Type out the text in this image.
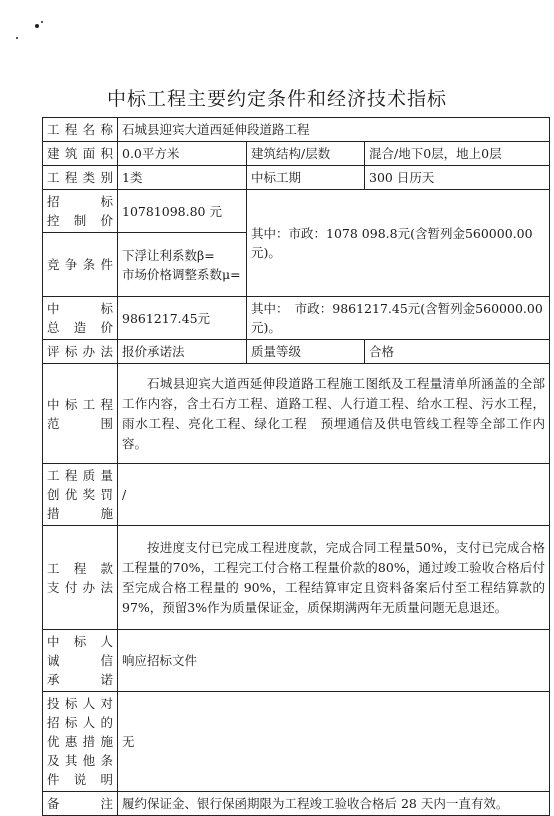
中标工程主要约定条件和经济技术指标
工程名称	石城县迎宾大道西延伸段道路工程		
建筑面积	0.0平方米	建筑结构/层数	混合/地下0层，地上0层
工程类别	1类	中标工期	300 日历天

招 标
控 制 价	10781098.80 元	其中：市政：1078 098.8元(含暂列金560000.00元)。	
竞争条件	下浮让利系数β=
市场价格调整系数μ=		

中 标
总 造 价	9861217.45元	其中：　市政：9861217.45元(含暂列金560000.00元)。	
评标办法	报价承诺法	质量等级	合格

中标工程
范　　围	石城县迎宾大道西延伸段道路工程施工图纸及工程量清单所涵盖的全部工作内容，含土石方工程、道路工程、人行道工程、给水工程、污水工程，雨水工程、亮化工程、绿化工程　预埋通信及供电管线工程等全部工作内容。		

工程质量
创优奖罚
措　　施	/		

工 程 款
支付办法	按进度支付已完成工程进度款，完成合同工程量50%，支付已完成合格工程量的70%，工程完工付合格工程量价款的80%，通过竣工验收合格后付至完成合格工程量的 90%，工程结算审定且资料备案后付至工程结算款的97%，预留3%作为质量保证金，质保期满两年无质量问题无息退还。		

中标人
诚　信
承　诺	响应招标文件		

投标人对
招标人的
优惠措施
及其他条
件 说 明	无		
备注	履约保证金、银行保函期限为工程竣工验收合格后 28 天内一直有效。		
